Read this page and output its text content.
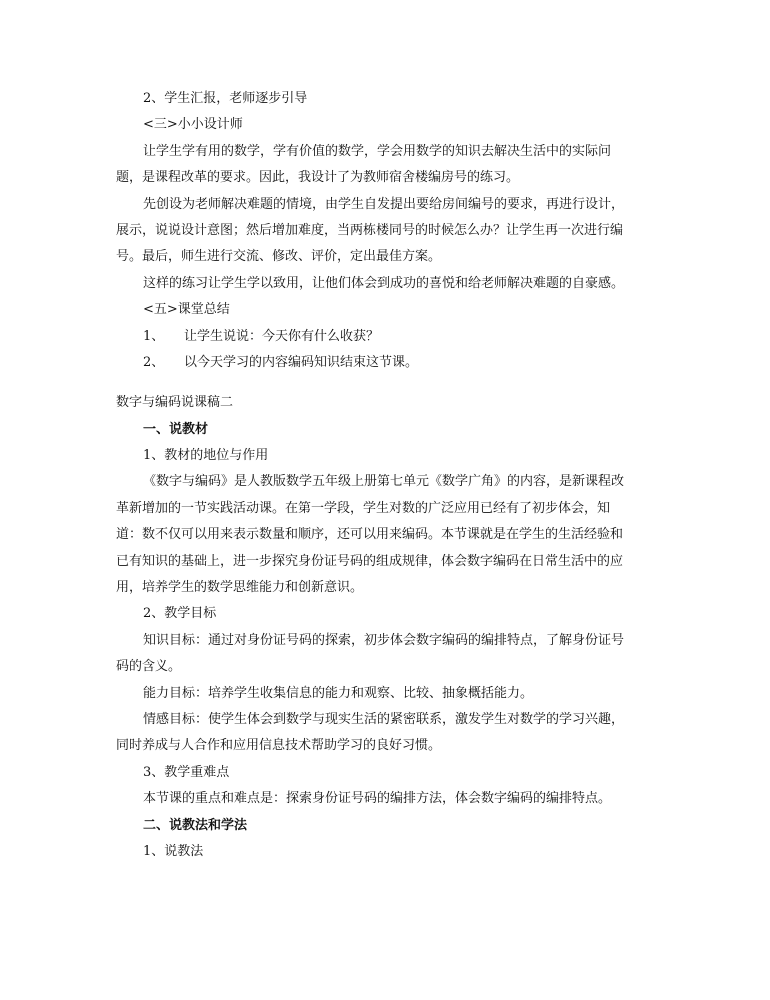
2、学生汇报，老师逐步引导
<三>小小设计师
让学生学有用的数学，学有价值的数学，学会用数学的知识去解决生活中的实际问
题，是课程改革的要求。因此，我设计了为教师宿舍楼编房号的练习。
先创设为老师解决难题的情境，由学生自发提出要给房间编号的要求，再进行设计，
展示，说说设计意图；然后增加难度，当两栋楼同号的时候怎么办？让学生再一次进行编
号。最后，师生进行交流、修改、评价，定出最佳方案。
这样的练习让学生学以致用，让他们体会到成功的喜悦和给老师解决难题的自豪感。
<五>课堂总结
1、 让学生说说：今天你有什么收获？
2、 以今天学习的内容编码知识结束这节课。
数字与编码说课稿二
一、说教材
1、教材的地位与作用
《数字与编码》是人教版数学五年级上册第七单元《数学广角》的内容，是新课程改
革新增加的一节实践活动课。在第一学段，学生对数的广泛应用已经有了初步体会，知
道：数不仅可以用来表示数量和顺序，还可以用来编码。本节课就是在学生的生活经验和
已有知识的基础上，进一步探究身份证号码的组成规律，体会数字编码在日常生活中的应
用，培养学生的数学思维能力和创新意识。
2、教学目标
知识目标：通过对身份证号码的探索，初步体会数字编码的编排特点，了解身份证号
码的含义。
能力目标：培养学生收集信息的能力和观察、比较、抽象概括能力。
情感目标：使学生体会到数学与现实生活的紧密联系，激发学生对数学的学习兴趣，
同时养成与人合作和应用信息技术帮助学习的良好习惯。
3、教学重难点
本节课的重点和难点是：探索身份证号码的编排方法，体会数字编码的编排特点。
二、说教法和学法
1、说教法
